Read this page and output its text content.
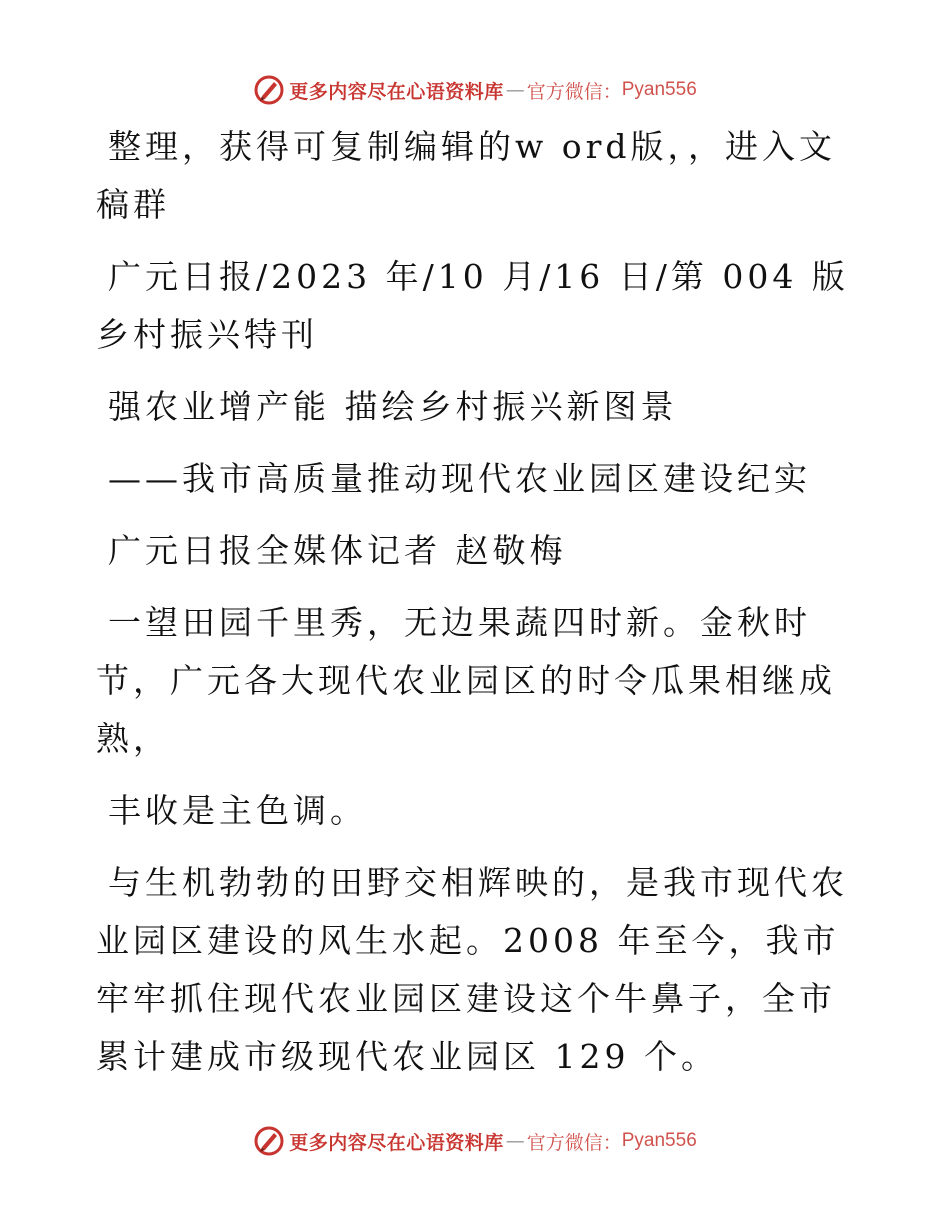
更多内容尽在心语资料库 — 官方微信： Pyan556

整理，获得可复制编辑的w ord版，，进入文稿群

广元日报/2023 年/10 月/16 日/第 004 版乡村振兴特刊

强农业增产能 描绘乡村振兴新图景

——我市高质量推动现代农业园区建设纪实

广元日报全媒体记者 赵敬梅

一望田园千里秀，无边果蔬四时新。金秋时节，广元各大现代农业园区的时令瓜果相继成熟，

丰收是主色调。

与生机勃勃的田野交相辉映的，是我市现代农业园区建设的风生水起。2008 年至今，我市牢牢抓住现代农业园区建设这个牛鼻子，全市累计建成市级现代农业园区 129 个。

更多内容尽在心语资料库 — 官方微信： Pyan556
